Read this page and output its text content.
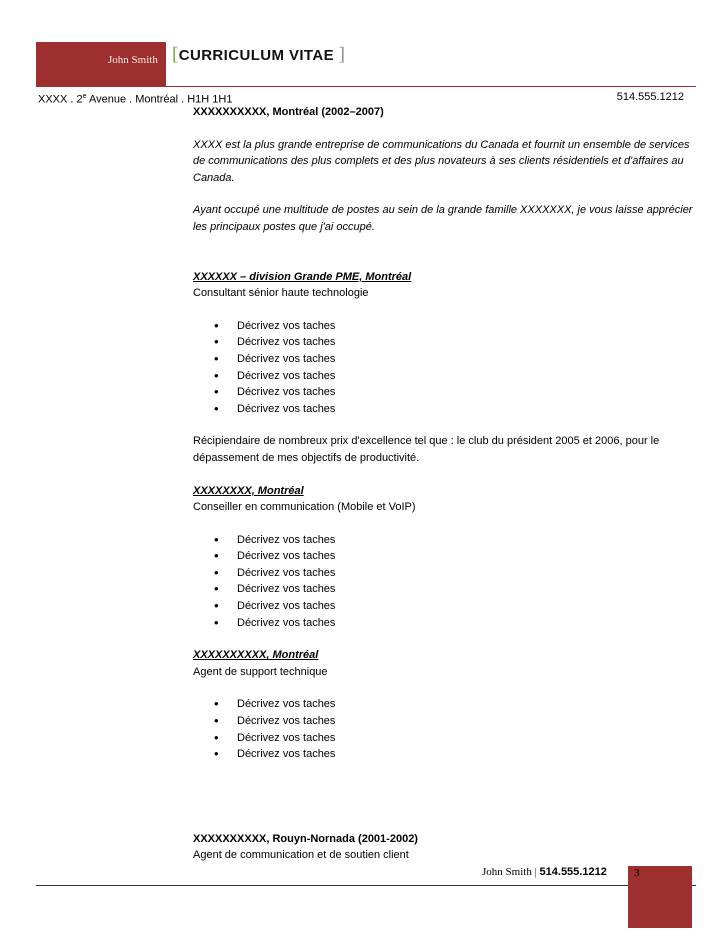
John Smith [CURRICULUM VITAE ]
XXXX . 2e Avenue . Montréal . H1H 1H1	514.555.1212

XXXXXXXXXX, Montréal (2002–2007)

XXXX est la plus grande entreprise de communications du Canada et fournit un ensemble de services de communications des plus complets et des plus novateurs à ses clients résidentiels et d'affaires au Canada.

Ayant occupé une multitude de postes au sein de la grande famille XXXXXXX, je vous laisse apprécier les principaux postes que j'ai occupé.

XXXXXX – division Grande PME, Montréal

Consultant sénior haute technologie

• Décrivez vos taches
• Décrivez vos taches
• Décrivez vos taches
• Décrivez vos taches
• Décrivez vos taches
• Décrivez vos taches

Récipiendaire de nombreux prix d'excellence tel que : le club du président 2005 et 2006, pour le dépassement de mes objectifs de productivité.

XXXXXXXX, Montréal

Conseiller en communication (Mobile et VoIP)

• Décrivez vos taches
• Décrivez vos taches
• Décrivez vos taches
• Décrivez vos taches
• Décrivez vos taches
• Décrivez vos taches

XXXXXXXXXX, Montréal

Agent de support technique

• Décrivez vos taches
• Décrivez vos taches
• Décrivez vos taches
• Décrivez vos taches

XXXXXXXXXX, Rouyn-Nornada (2001-2002)

Agent de communication et de soutien client

John Smith | 514.555.1212 3
